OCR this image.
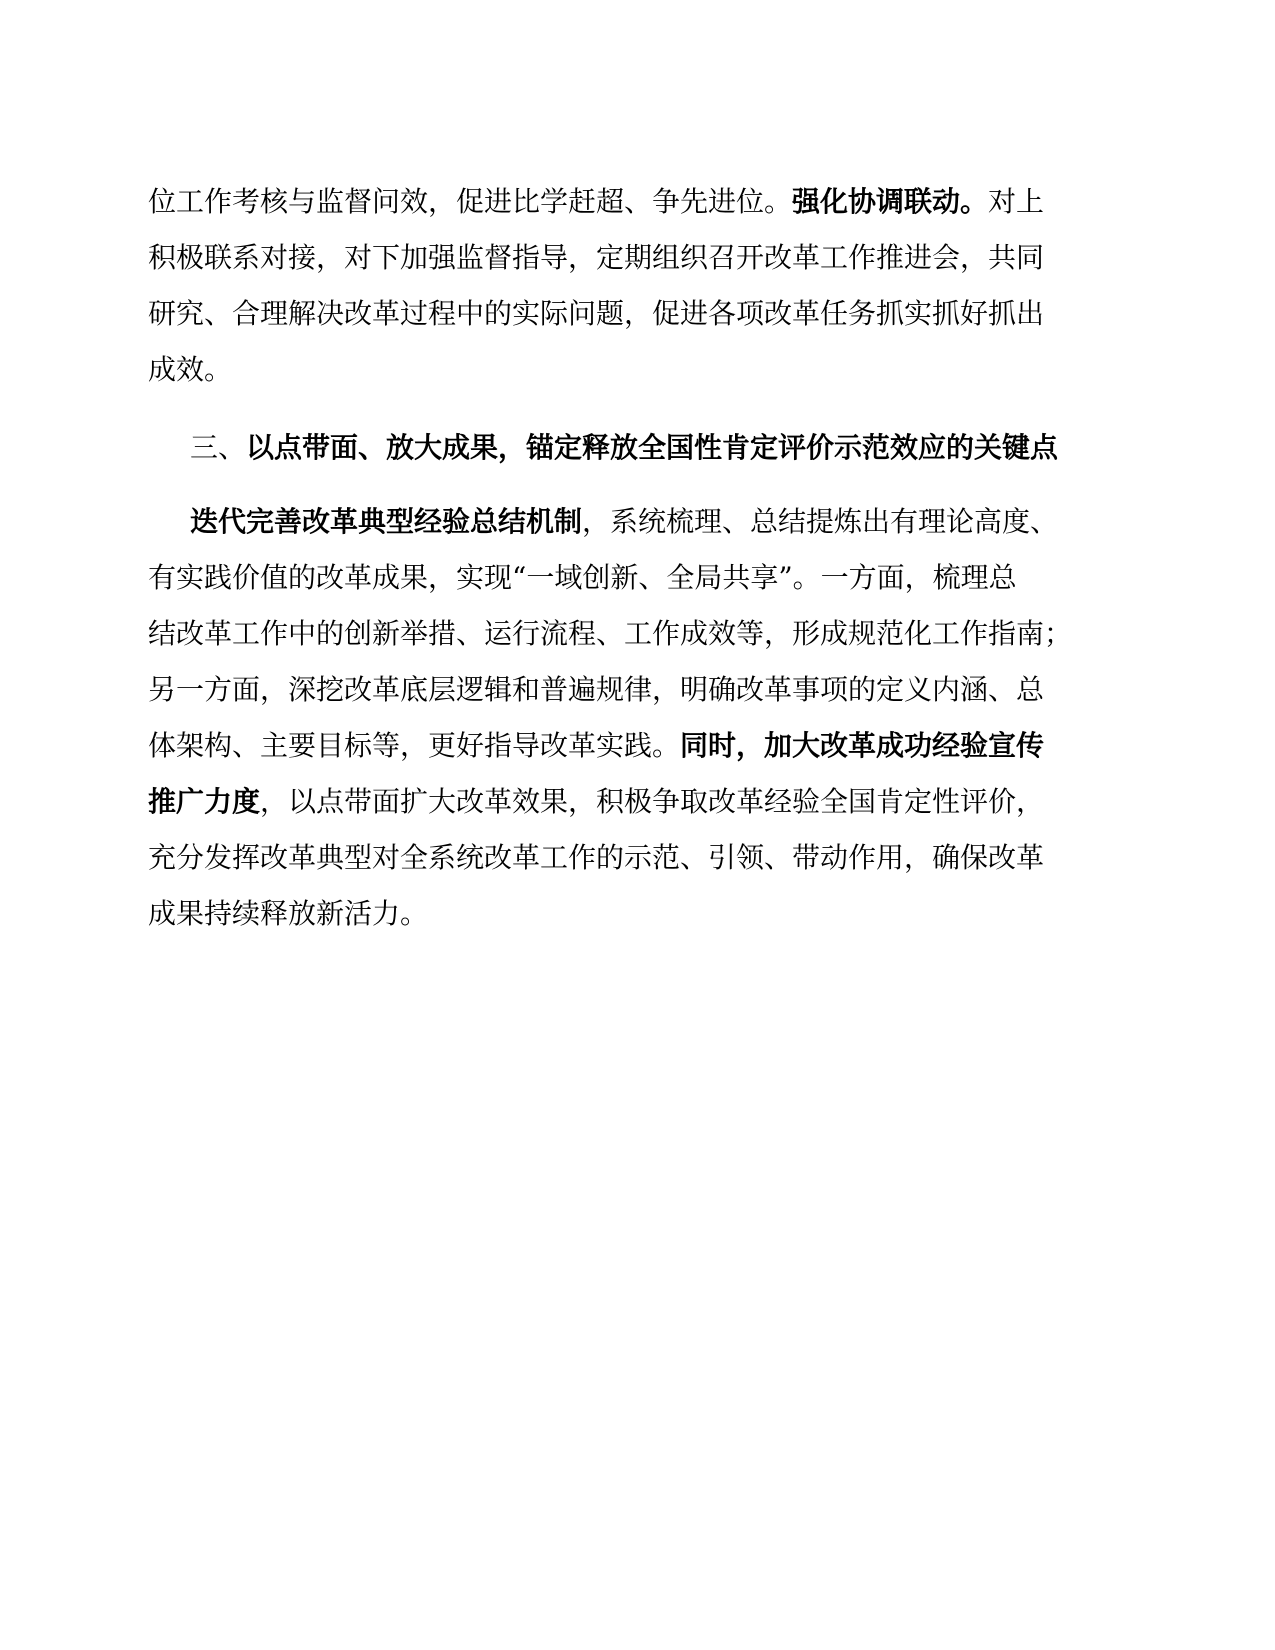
位工作考核与监督问效，促进比学赶超、争先进位。强化协调联动。对上
积极联系对接，对下加强监督指导，定期组织召开改革工作推进会，共同
研究、合理解决改革过程中的实际问题，促进各项改革任务抓实抓好抓出
成效。
三、以点带面、放大成果，锚定释放全国性肯定评价示范效应的关键点
迭代完善改革典型经验总结机制，系统梳理、总结提炼出有理论高度、
有实践价值的改革成果，实现“一域创新、全局共享”。一方面，梳理总
结改革工作中的创新举措、运行流程、工作成效等，形成规范化工作指南；
另一方面，深挖改革底层逻辑和普遍规律，明确改革事项的定义内涵、总
体架构、主要目标等，更好指导改革实践。同时，加大改革成功经验宣传
推广力度，以点带面扩大改革效果，积极争取改革经验全国肯定性评价，
充分发挥改革典型对全系统改革工作的示范、引领、带动作用，确保改革
成果持续释放新活力。
